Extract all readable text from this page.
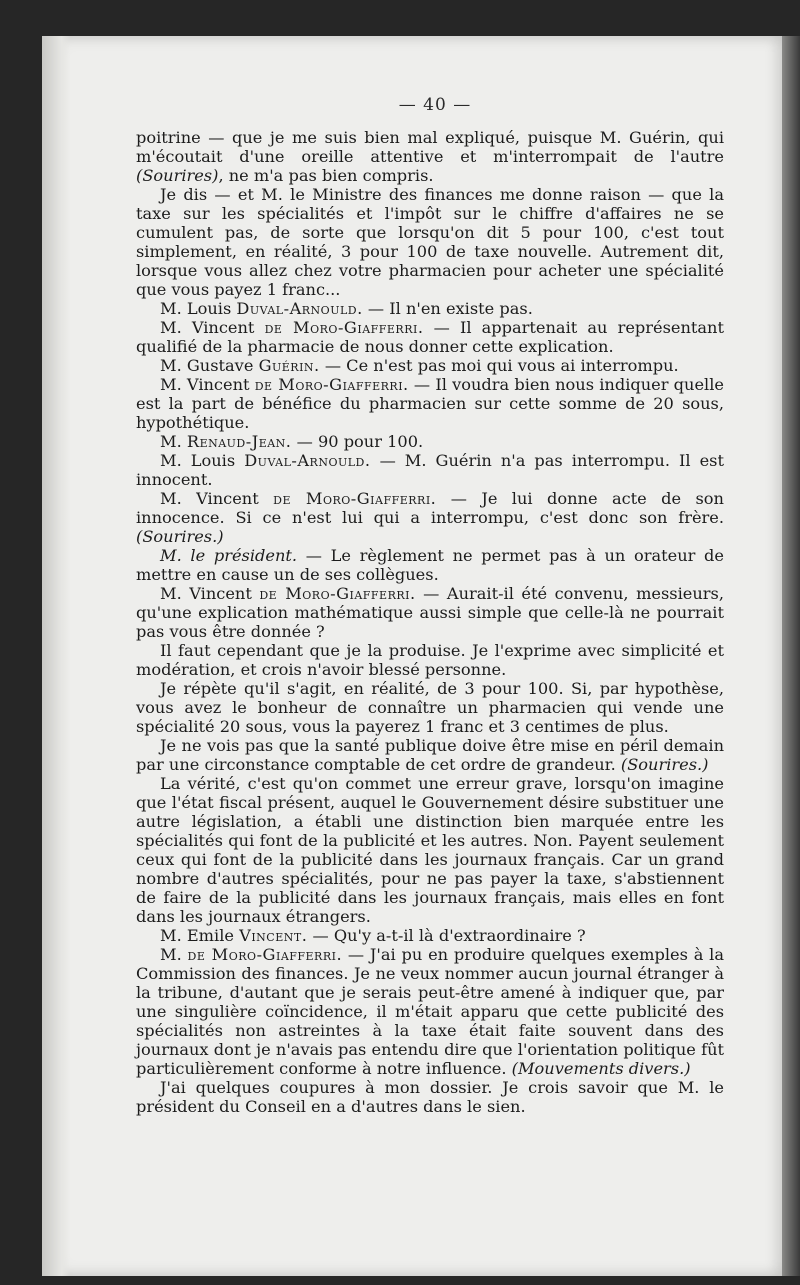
— 40 —

poitrine — que je me suis bien mal expliqué, puisque M. Guérin, qui m'écoutait d'une oreille attentive et m'interrompait de l'autre (Sourires), ne m'a pas bien compris.

Je dis — et M. le Ministre des finances me donne raison — que la taxe sur les spécialités et l'impôt sur le chiffre d'affaires ne se cumulent pas, de sorte que lorsqu'on dit 5 pour 100, c'est tout simplement, en réalité, 3 pour 100 de taxe nouvelle. Autrement dit, lorsque vous allez chez votre pharmacien pour acheter une spécialité que vous payez 1 franc...

M. Louis Duval-Arnould. — Il n'en existe pas.

M. Vincent de Moro-Giafferri. — Il appartenait au représentant qualifié de la pharmacie de nous donner cette explication.

M. Gustave Guérin. — Ce n'est pas moi qui vous ai interrompu.

M. Vincent de Moro-Giafferri. — Il voudra bien nous indiquer quelle est la part de bénéfice du pharmacien sur cette somme de 20 sous, hypothétique.

M. Renaud-Jean. — 90 pour 100.

M. Louis Duval-Arnould. — M. Guérin n'a pas interrompu. Il est innocent.

M. Vincent de Moro-Giafferri. — Je lui donne acte de son innocence. Si ce n'est lui qui a interrompu, c'est donc son frère. (Sourires.)

M. le président. — Le règlement ne permet pas à un orateur de mettre en cause un de ses collègues.

M. Vincent de Moro-Giafferri. — Aurait-il été convenu, messieurs, qu'une explication mathématique aussi simple que celle-là ne pourrait pas vous être donnée ?

Il faut cependant que je la produise. Je l'exprime avec simplicité et modération, et crois n'avoir blessé personne.

Je répète qu'il s'agit, en réalité, de 3 pour 100. Si, par hypothèse, vous avez le bonheur de connaître un pharmacien qui vende une spécialité 20 sous, vous la payerez 1 franc et 3 centimes de plus.

Je ne vois pas que la santé publique doive être mise en péril demain par une circonstance comptable de cet ordre de grandeur. (Sourires.)

La vérité, c'est qu'on commet une erreur grave, lorsqu'on imagine que l'état fiscal présent, auquel le Gouvernement désire substituer une autre législation, a établi une distinction bien marquée entre les spécialités qui font de la publicité et les autres. Non. Payent seulement ceux qui font de la publicité dans les journaux français. Car un grand nombre d'autres spécialités, pour ne pas payer la taxe, s'abstiennent de faire de la publicité dans les journaux français, mais elles en font dans les journaux étrangers.

M. Emile Vincent. — Qu'y a-t-il là d'extraordinaire ?

M. de Moro-Giafferri. — J'ai pu en produire quelques exemples à la Commission des finances. Je ne veux nommer aucun journal étranger à la tribune, d'autant que je serais peut-être amené à indiquer que, par une singulière coïncidence, il m'était apparu que cette publicité des spécialités non astreintes à la taxe était faite souvent dans des journaux dont je n'avais pas entendu dire que l'orientation politique fût particulièrement conforme à notre influence. (Mouvements divers.)

J'ai quelques coupures à mon dossier. Je crois savoir que M. le président du Conseil en a d'autres dans le sien.
